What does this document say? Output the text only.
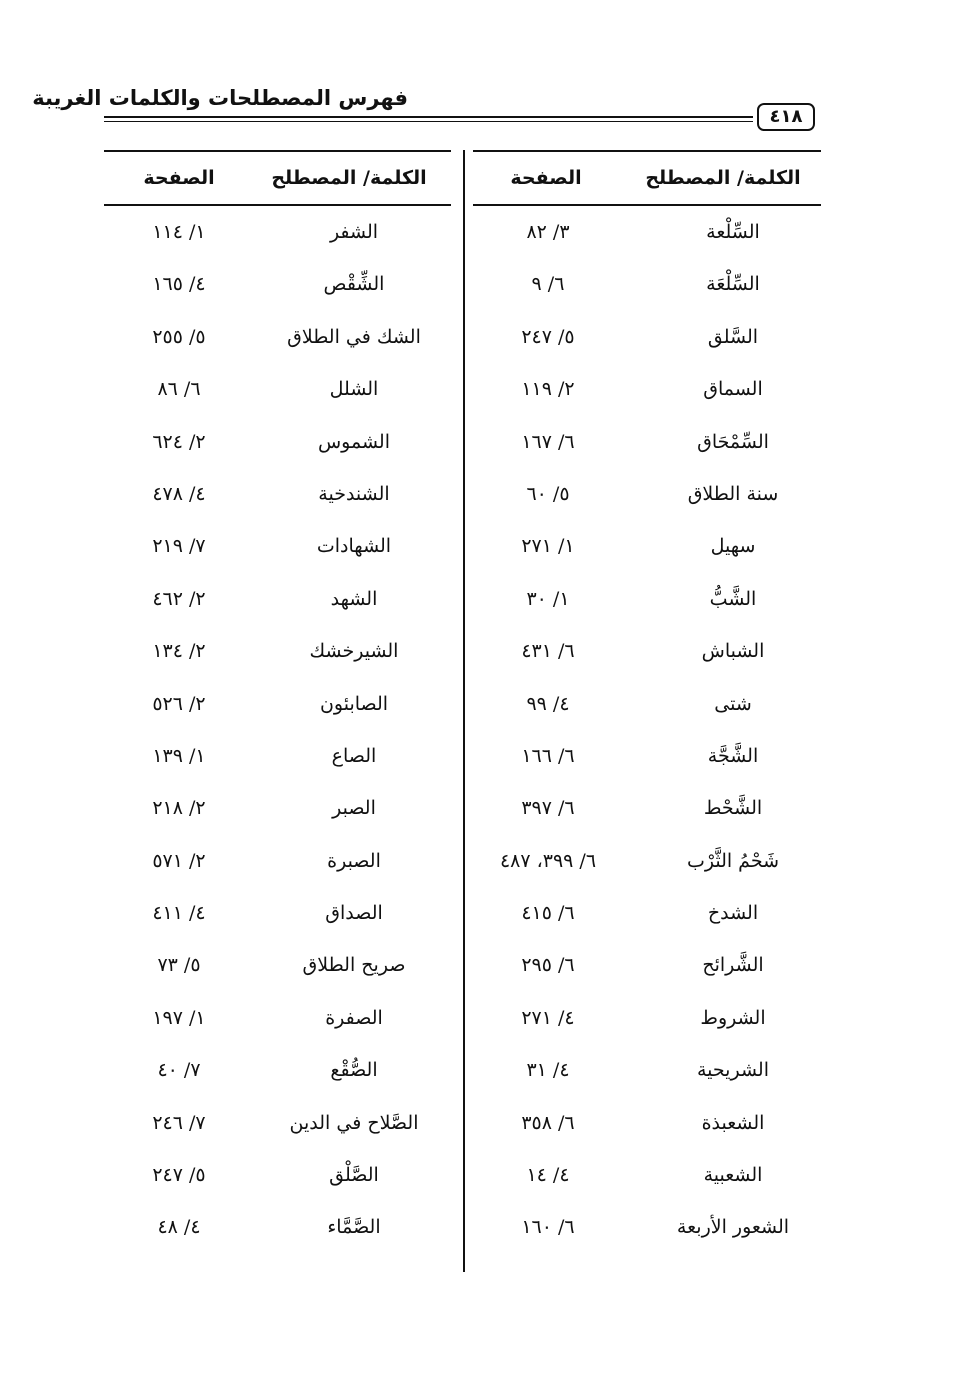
فهرس المصطلحات والكلمات الغريبة
٤١٨
الكلمة/ المصطلح
الصفحة
السِّلْعة
٣/ ٨٢
السِّلْعَة
٦/ ٩
السَّلق
٥/ ٢٤٧
السماق
٢/ ١١٩
السِّمْحَاق
٦/ ١٦٧
سنة الطلاق
٥/ ٦٠
سهيل
١/ ٢٧١
الشَّبُّ
١/ ٣٠
الشباش
٦/ ٤٣١
شتى
٤/ ٩٩
الشَّجَّة
٦/ ١٦٦
الشَّحْط
٦/ ٣٩٧
شَحْمُ الثَّرْب
٦/ ٣٩٩، ٤٨٧
الشدخ
٦/ ٤١٥
الشَّرائح
٦/ ٢٩٥
الشروط
٤/ ٢٧١
الشريحية
٤/ ٣١
الشعبذة
٦/ ٣٥٨
الشعبية
٤/ ١٤
الشعور الأربعة
٦/ ١٦٠
الكلمة/ المصطلح
الصفحة
الشفر
١/ ١١٤
الشِّقْص
٤/ ١٦٥
الشك في الطلاق
٥/ ٢٥٥
الشلل
٦/ ٨٦
الشموس
٢/ ٦٢٤
الشندخية
٤/ ٤٧٨
الشهادات
٧/ ٢١٩
الشهد
٢/ ٤٦٢
الشيرخشك
٢/ ١٣٤
الصابئون
٢/ ٥٢٦
الصاع
١/ ١٣٩
الصبر
٢/ ٢١٨
الصبرة
٢/ ٥٧١
الصداق
٤/ ٤١١
صريح الطلاق
٥/ ٧٣
الصفرة
١/ ١٩٧
الصُّقْع
٧/ ٤٠
الصَّلاح في الدين
٧/ ٢٤٦
الصَّلْق
٥/ ٢٤٧
الصَّمَّاء
٤/ ٤٨
